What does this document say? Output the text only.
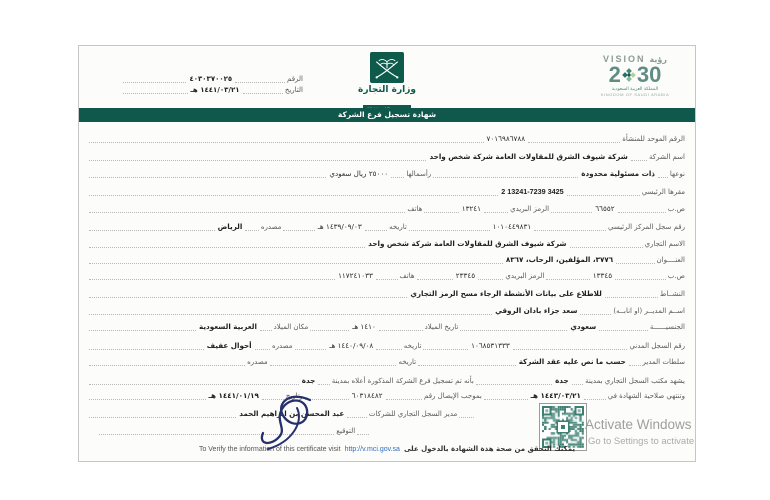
الرقم
٤٠٣٠٣٧٠٠٢٥
التاريخ
١٤٤١/٠٣/٢١ هـ	وزارة التجارة
VISION رؤية
2 30
المملكة العربية السعودية
KINGDOM OF SAUDI ARABIA
شهادة تسجيل فرع الشركة
الرقم الموحد للمنشأة
٧٠١٦٩٨٦٧٨٨
اسم الشركة
شركة شيوف الشرق للمقاولات العامة شركة شخص واحد
نوعها
ذات مسئولية محدودة
رأسمالها
٢٥٠٠٠ ريال سعودي
مقرها الرئيسي
2 13241-7239 3425
ص.ب
٦٦٥٥٢
الرمز البريدي
١٣٢٤١
هاتف
رقم سجل المركز الرئيسي
١٠١٠٤٤٩٨٣١
تاريخه
١٤٣٩/٠٩/٠٣ هـ
مصدره
الرياض
الاسم التجاري
شركة شيوف الشرق للمقاولات العامة شركة شخص واحد
العنــــوان
٣٧٧٦، المؤلفين، الرحاب، ٨٣٦٧
ص.ب
١٣٣٤٥
الرمز البريدي
٢٣٣٤٥
هاتف
١١٧٢٤١٠٣٣
النشــاط
للاطلاع على بيانات الأنشطة الرجاء مسح الرمز التجاري
اســم المديــر (او انابــه)
سعد جزاء بادان الروقي
الجنسيــــــة
سعودي
تاريخ الميلاد
١٤١٠ هـ
مكان الميلاد
العربية السعودية
رقم السجل المدني
١٠٦٨٥٣١٣٣٣
تاريخه
١٤٤٠/٠٩/٠٨ هـ
مصدره
أحوال عفيف
سلطات المدير
حسب ما نص عليه عقد الشركة
تاريخه
مصدره
يشهد مكتب السجل التجاري بمدينة
جدة
بأنه تم تسجيل فرع الشركة المذكورة أعلاه بمدينة
جدة
وتنتهي صلاحية الشهادة في
١٤٤٣/٠٣/٢١ هـ
بموجب الإيصال رقم
٦٠٣١٨٤٨٢
وتاريخ
١٤٤١/٠١/١٩ هـ
مدير السجل التجاري للشركات
عبد المحسن بن ابراهيم الحمد
التوقيع
To Verify the information of this certificate visit http://v.mci.gov.sa يمكنك التحقق من صحة هذة الشهادة بالدخول على
Activate Windows
Go to Settings to activate
